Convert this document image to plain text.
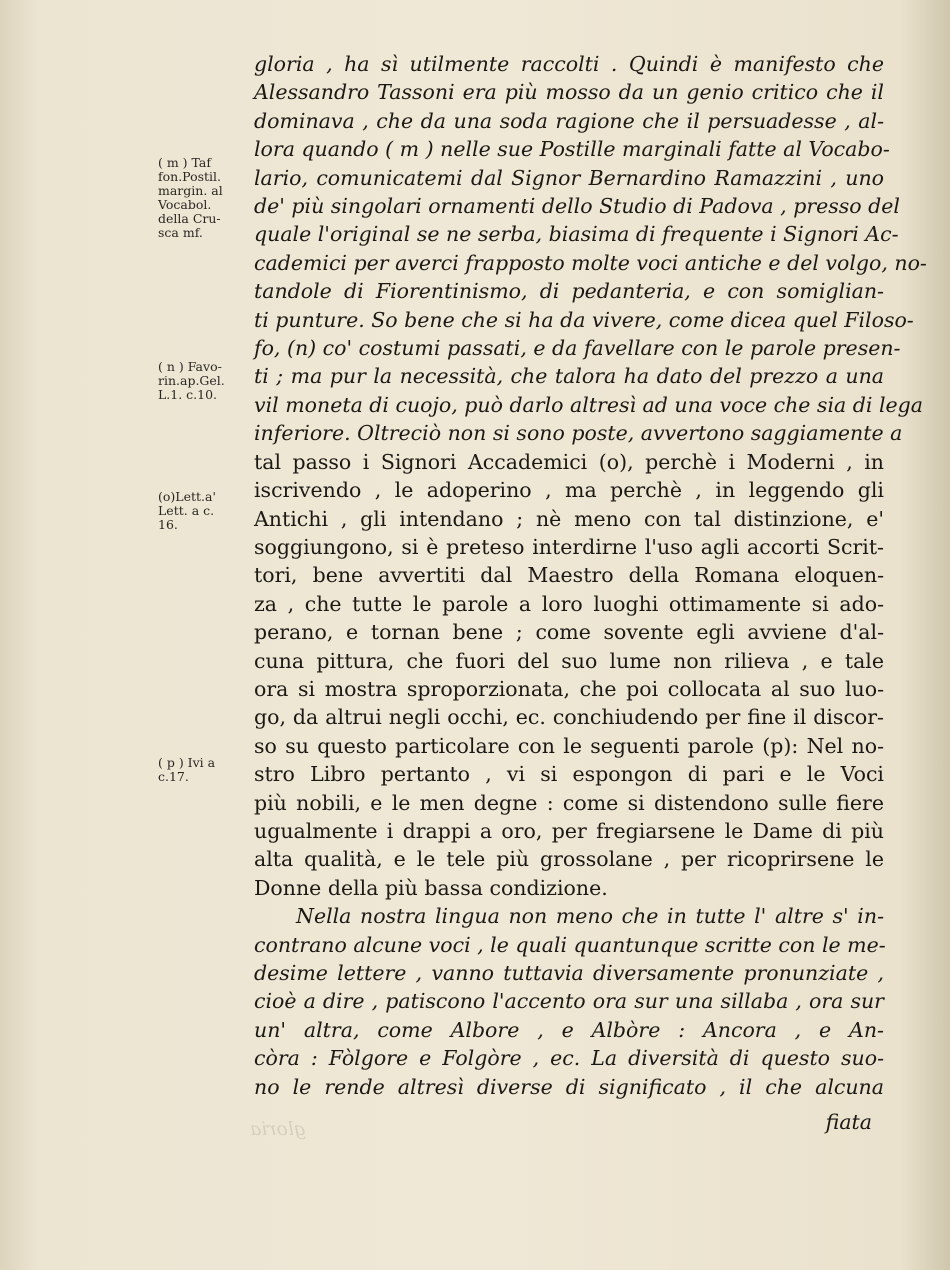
( m ) Taf
fon.Postil.
margin. al
Vocabol.
della Cru-
sca mf.
( n ) Favo-
rin.ap.Gel.
L.1. c.10.
(o)Lett.a'
Lett. a c.
16.
( p ) Ivi a
c.17.
gloria , ha sì utilmente raccolti . Quindi è manifesto che
Alessandro Tassoni era più mosso da un genio critico che il
dominava , che da una soda ragione che il persuadesse , al-
lora quando ( m ) nelle sue Postille marginali fatte al Vocabo-
lario, comunicatemi dal Signor Bernardino Ramazzini , uno
de' più singolari ornamenti dello Studio di Padova , presso del
quale l'original se ne serba, biasima di frequente i Signori Ac-
cademici per averci frapposto molte voci antiche e del volgo, no-
tandole di Fiorentinismo, di pedanteria, e con somiglian-
ti punture. So bene che si ha da vivere, come dicea quel Filoso-
fo, (n) co' costumi passati, e da favellare con le parole presen-
ti ; ma pur la necessità, che talora ha dato del prezzo a una
vil moneta di cuojo, può darlo altresì ad una voce che sia di lega
inferiore. Oltreciò non si sono poste, avvertono saggiamente a
tal passo i Signori Accademici (o), perchè i Moderni , in
iscrivendo , le adoperino , ma perchè , in leggendo gli
Antichi , gli intendano ; nè meno con tal distinzione, e'
soggiungono, si è preteso interdirne l'uso agli accorti Scrit-
tori, bene avvertiti dal Maestro della Romana eloquen-
za , che tutte le parole a loro luoghi ottimamente si ado-
perano, e tornan bene ; come sovente egli avviene d'al-
cuna pittura, che fuori del suo lume non rilieva , e tale
ora si mostra sproporzionata, che poi collocata al suo luo-
go, da altrui negli occhi, ec. conchiudendo per fine il discor-
so su questo particolare con le seguenti parole (p): Nel no-
stro Libro pertanto , vi si espongon di pari e le Voci
più nobili, e le men degne : come si distendono sulle fiere
ugualmente i drappi a oro, per fregiarsene le Dame di più
alta qualità, e le tele più grossolane , per ricoprirsene le
Donne della più bassa condizione.
Nella nostra lingua non meno che in tutte l' altre s' in-
contrano alcune voci , le quali quantunque scritte con le me-
desime lettere , vanno tuttavia diversamente pronunziate ,
cioè a dire , patiscono l'accento ora sur una sillaba , ora sur
un' altra, come Albore , e Albòre : Ancora , e An-
còra : Fòlgore e Folgòre , ec. La diversità di questo suo-
no le rende altresì diverse di significato , il che alcuna
fiata
gloria
